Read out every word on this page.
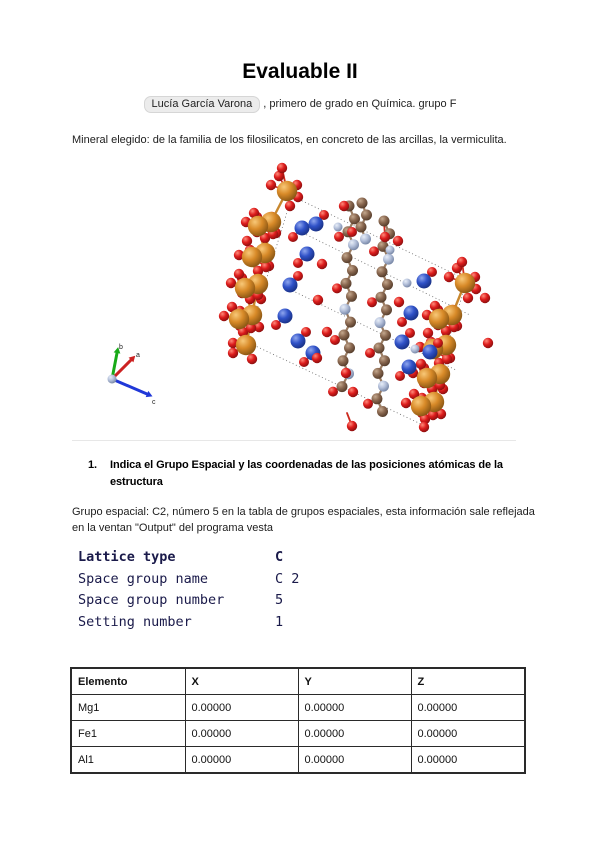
Evaluable II
Lucía García Varona , primero de grado en Química. grupo F
Mineral elegido: de la familia de los filosilicatos, en concreto de las arcillas, la vermiculita.
b
a
c
1.	Indica el Grupo Espacial y las coordenadas de las posiciones atómicas de la estructura
Grupo espacial: C2, número 5 en la tabla de grupos espaciales, esta información sale reflejada en la ventan "Output" del programa vesta
Lattice type	C
Space group name	C 2
Space group number	5
Setting number	1
Elemento	X	Y	Z
Mg1	0.00000	0.00000	0.00000
Fe1	0.00000	0.00000	0.00000
Al1	0.00000	0.00000	0.00000
